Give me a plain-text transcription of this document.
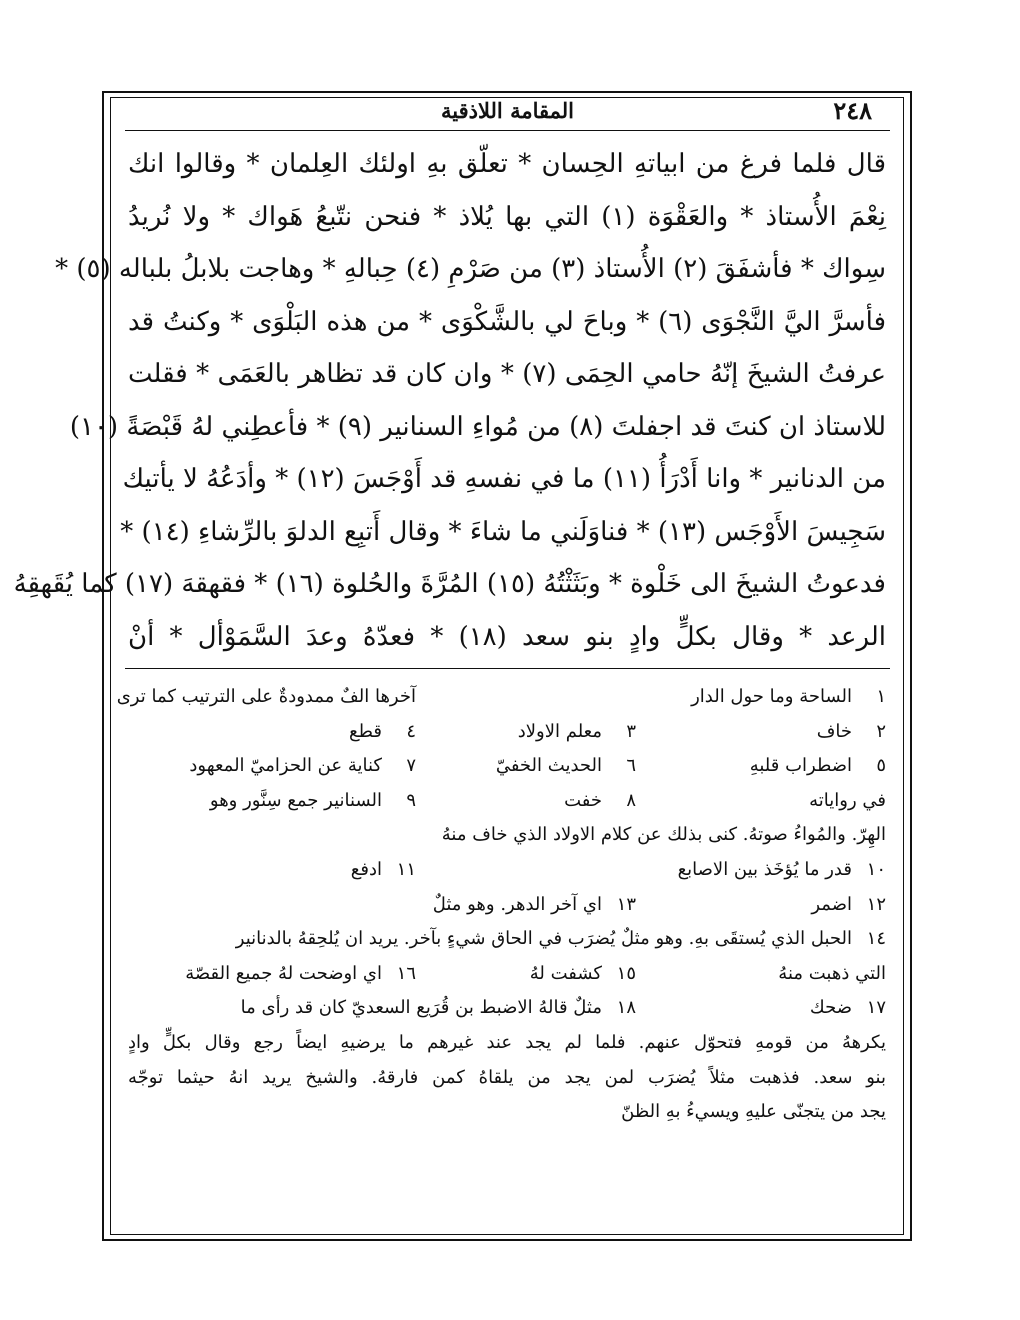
٢٤٨
المقامة اللاذقية
قال فلما فرغ من ابياتهِ الحِسان * تعلّق بهِ اولئك العِلمان * وقالوا انك
نِعْمَ الأُستاذ * والعَقْوَة (١) التي بها يُلاذ * فنحن نتّبعُ هَواك * ولا نُريدُ
سِواك * فأشفَقَ (٢) الأُستاذ (٣) من صَرْمِ (٤) حِبالهِ * وهاجت بلابلُ بلباله (٥) *
فأسرَّ اليَّ النَّجْوَى (٦) * وباحَ لي بالشَّكْوَى * من هذه البَلْوَى * وكنتُ قد
عرفتُ الشيخَ إنّهُ حامي الحِمَى (٧) * وان كان قد تظاهر بالعَمَى * فقلت
للاستاذ ان كنتَ قد اجفلتَ (٨) من مُواءِ السنانير (٩) * فأعطِني لهُ قَبْصَةً (١٠)
من الدنانير * وانا أَدْرَأُ (١١) ما في نفسهِ قد أَوْجَسَ (١٢) * وأدَعُهُ لا يأتيك
سَجِيسَ الأَوْجَس (١٣) * فناوَلَني ما شاءَ * وقال أَتبِع الدلوَ بالرِّشاءِ (١٤) *
فدعوتُ الشيخَ الى خَلْوة * وبَثَثْتُهُ (١٥) المُرَّةَ والحُلوة (١٦) * فقهقهَ (١٧) كما يُقَهقِهُ
الرعد * وقال بكلٍّ وادٍ بنو سعد (١٨) * فعدّهُ وعدَ السَّمَوْأل * أنْ
١الساحة وما حول الدار
آخرها الفٌ ممدودةٌ على الترتيب كما ترى
٢خاف
٣معلم الاولاد
٤قطع
٥اضطراب قلبهِ
٦الحديث الخفيّ
٧كناية عن الحزاميّ المعهود
في رواياته
٨خفت
٩السنانير جمع سِنَّور وهو
الهِرّ. والمُواءُ صوتهُ. كنى بذلك عن كلام الاولاد الذي خاف منهُ
١٠قدر ما يُؤخَذ بين الاصابع
١١ادفع
١٢اضمر
١٣اي آخر الدهر. وهو مثلٌ
١٤الحبل الذي يُستقَى بهِ. وهو مثلٌ يُضرَب في الحاق شيءٍ بآخر. يريد ان يُلحِقهُ بالدنانير
التي ذهبت منهُ
١٥كشفت لهُ
١٦اي اوضحت لهُ جميع القصّة
١٧ضحك
١٨مثلٌ قالهُ الاضبط بن قُرَيع السعديّ كان قد رأى ما
يكرههُ من قومهِ فتحوّل عنهم. فلما لم يجد عند غيرهم ما يرضيهِ ايضاً رجع وقال بكلٍّ وادٍ
بنو سعد. فذهبت مثلاً يُضرَب لمن يجد من يلقاهُ كمن فارقهُ. والشيخ يريد انهُ حيثما توجّه
يجد من يتجنّى عليهِ ويسيءُ بهِ الظنّ
